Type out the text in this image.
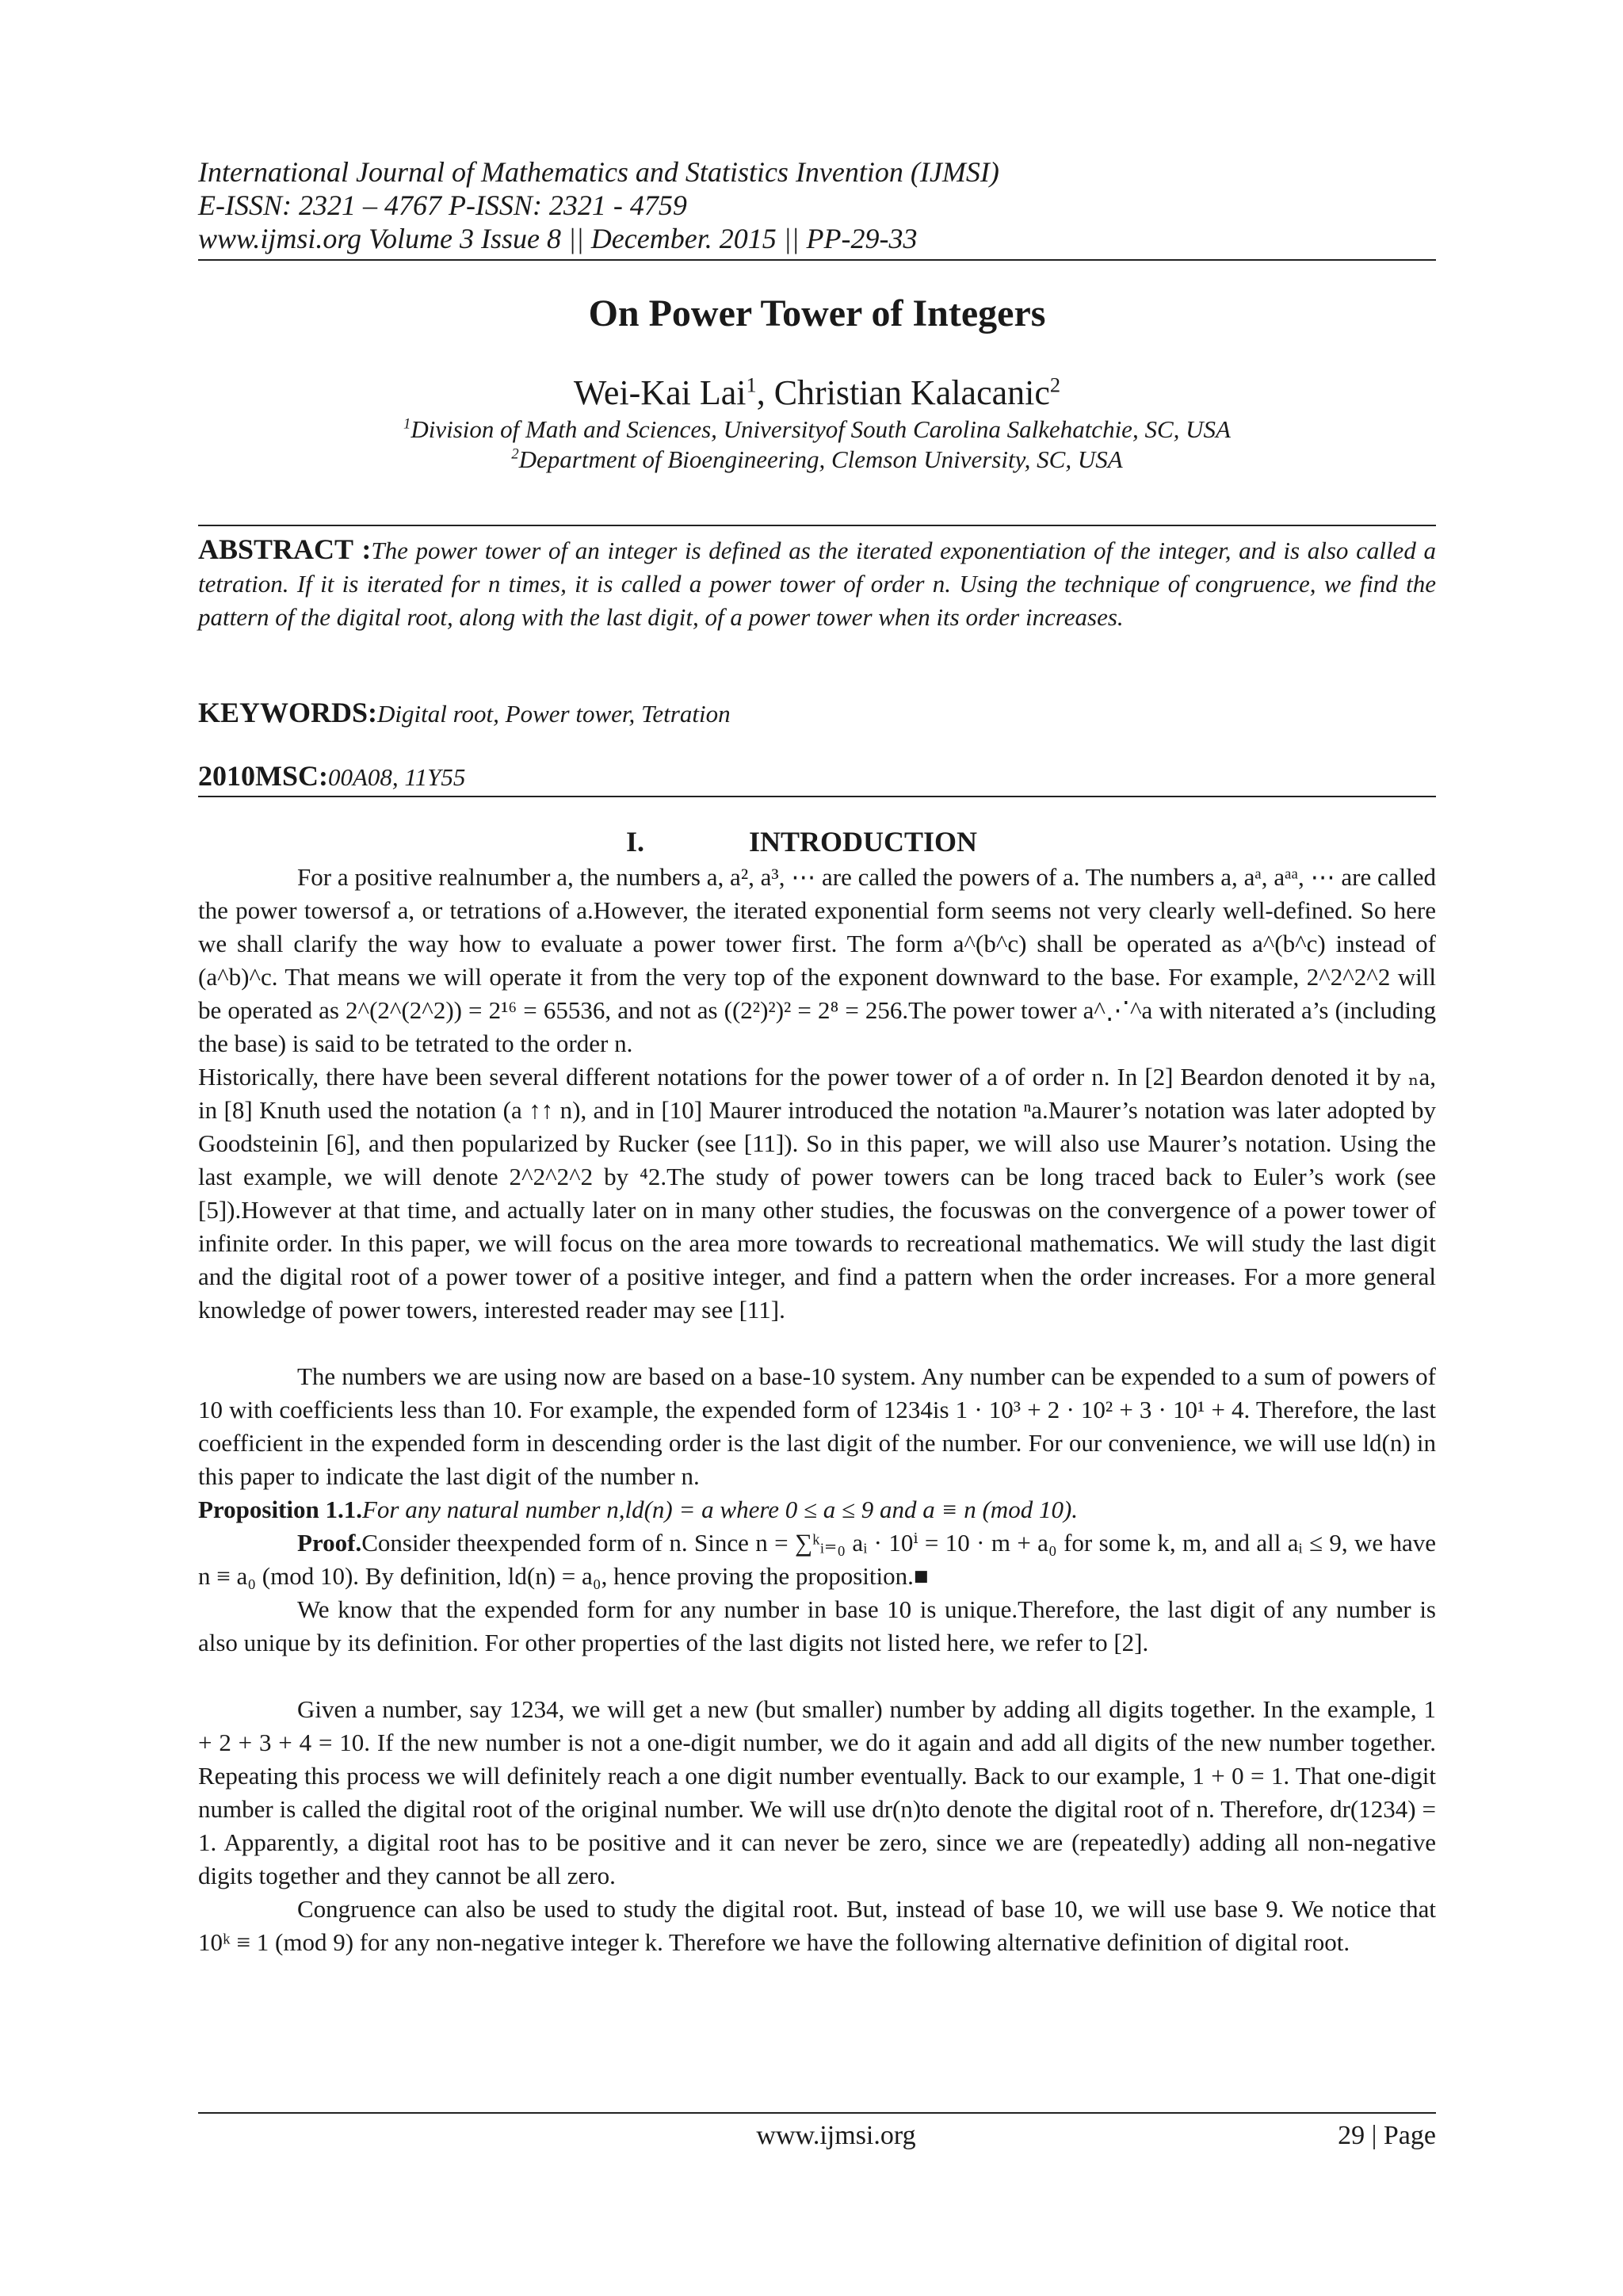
International Journal of Mathematics and Statistics Invention (IJMSI)
E-ISSN: 2321 – 4767 P-ISSN: 2321 - 4759
www.ijmsi.org Volume 3 Issue 8 || December. 2015 || PP-29-33
On Power Tower of Integers
Wei-Kai Lai$^1$, Christian Kalacanic$^2$
$^1$Division of Math and Sciences, Universityof South Carolina Salkehatchie, SC, USA
$^2$Department of Bioengineering, Clemson University, SC, USA
ABSTRACT :The power tower of an integer is defined as the iterated exponentiation of the integer, and is also called a tetration. If it is iterated for n times, it is called a power tower of order n. Using the technique of congruence, we find the pattern of the digital root, along with the last digit, of a power tower when its order increases.
KEYWORDS:Digital root, Power tower, Tetration
2010MSC:00A08, 11Y55
I.	INTRODUCTION

For a positive realnumber a, the numbers a, a², a³, ⋯ are called the powers of a. The numbers a, aᵃ, aᵃᵃ, ⋯ are called the power towersof a, or tetrations of a.However, the iterated exponential form seems not very clearly well-defined. So here we shall clarify the way how to evaluate a power tower first. The form a^(b^c) shall be operated as a^(b^c) instead of (a^b)^c. That means we will operate it from the very top of the exponent downward to the base. For example, 2^2^2^2 will be operated as 2^(2^(2^2)) = 2¹⁶ = 65536, and not as ((2²)²)² = 2⁸ = 256.The power tower a^⋰^a with niterated a’s (including the base) is said to be tetrated to the order n.

Historically, there have been several different notations for the power tower of a of order n. In [2] Beardon denoted it by ₙa, in [8] Knuth used the notation (a ↑↑ n), and in [10] Maurer introduced the notation ⁿa.Maurer’s notation was later adopted by Goodsteinin [6], and then popularized by Rucker (see [11]). So in this paper, we will also use Maurer’s notation. Using the last example, we will denote 2^2^2^2 by ⁴2.The study of power towers can be long traced back to Euler’s work (see [5]).However at that time, and actually later on in many other studies, the focuswas on the convergence of a power tower of infinite order. In this paper, we will focus on the area more towards to recreational mathematics. We will study the last digit and the digital root of a power tower of a positive integer, and find a pattern when the order increases. For a more general knowledge of power towers, interested reader may see [11].

The numbers we are using now are based on a base-10 system. Any number can be expended to a sum of powers of 10 with coefficients less than 10. For example, the expended form of 1234is 1 · 10³ + 2 · 10² + 3 · 10¹ + 4. Therefore, the last coefficient in the expended form in descending order is the last digit of the number. For our convenience, we will use ld(n) in this paper to indicate the last digit of the number n.

Proposition 1.1.For any natural number n,ld(n) = a where 0 ≤ a ≤ 9 and a ≡ n (mod 10).

Proof.Consider theexpended form of n. Since n = ∑ᵏᵢ₌₀ aᵢ · 10ⁱ = 10 · m + a₀ for some k, m, and all aᵢ ≤ 9, we have n ≡ a₀ (mod 10). By definition, ld(n) = a₀, hence proving the proposition.■

We know that the expended form for any number in base 10 is unique.Therefore, the last digit of any number is also unique by its definition. For other properties of the last digits not listed here, we refer to [2].

Given a number, say 1234, we will get a new (but smaller) number by adding all digits together. In the example, 1 + 2 + 3 + 4 = 10. If the new number is not a one-digit number, we do it again and add all digits of the new number together. Repeating this process we will definitely reach a one digit number eventually. Back to our example, 1 + 0 = 1. That one-digit number is called the digital root of the original number. We will use dr(n)to denote the digital root of n. Therefore, dr(1234) = 1. Apparently, a digital root has to be positive and it can never be zero, since we are (repeatedly) adding all non-negative digits together and they cannot be all zero.

Congruence can also be used to study the digital root. But, instead of base 10, we will use base 9. We notice that 10ᵏ ≡ 1 (mod 9) for any non-negative integer k. Therefore we have the following alternative definition of digital root.

www.ijmsi.org	29 | Page
